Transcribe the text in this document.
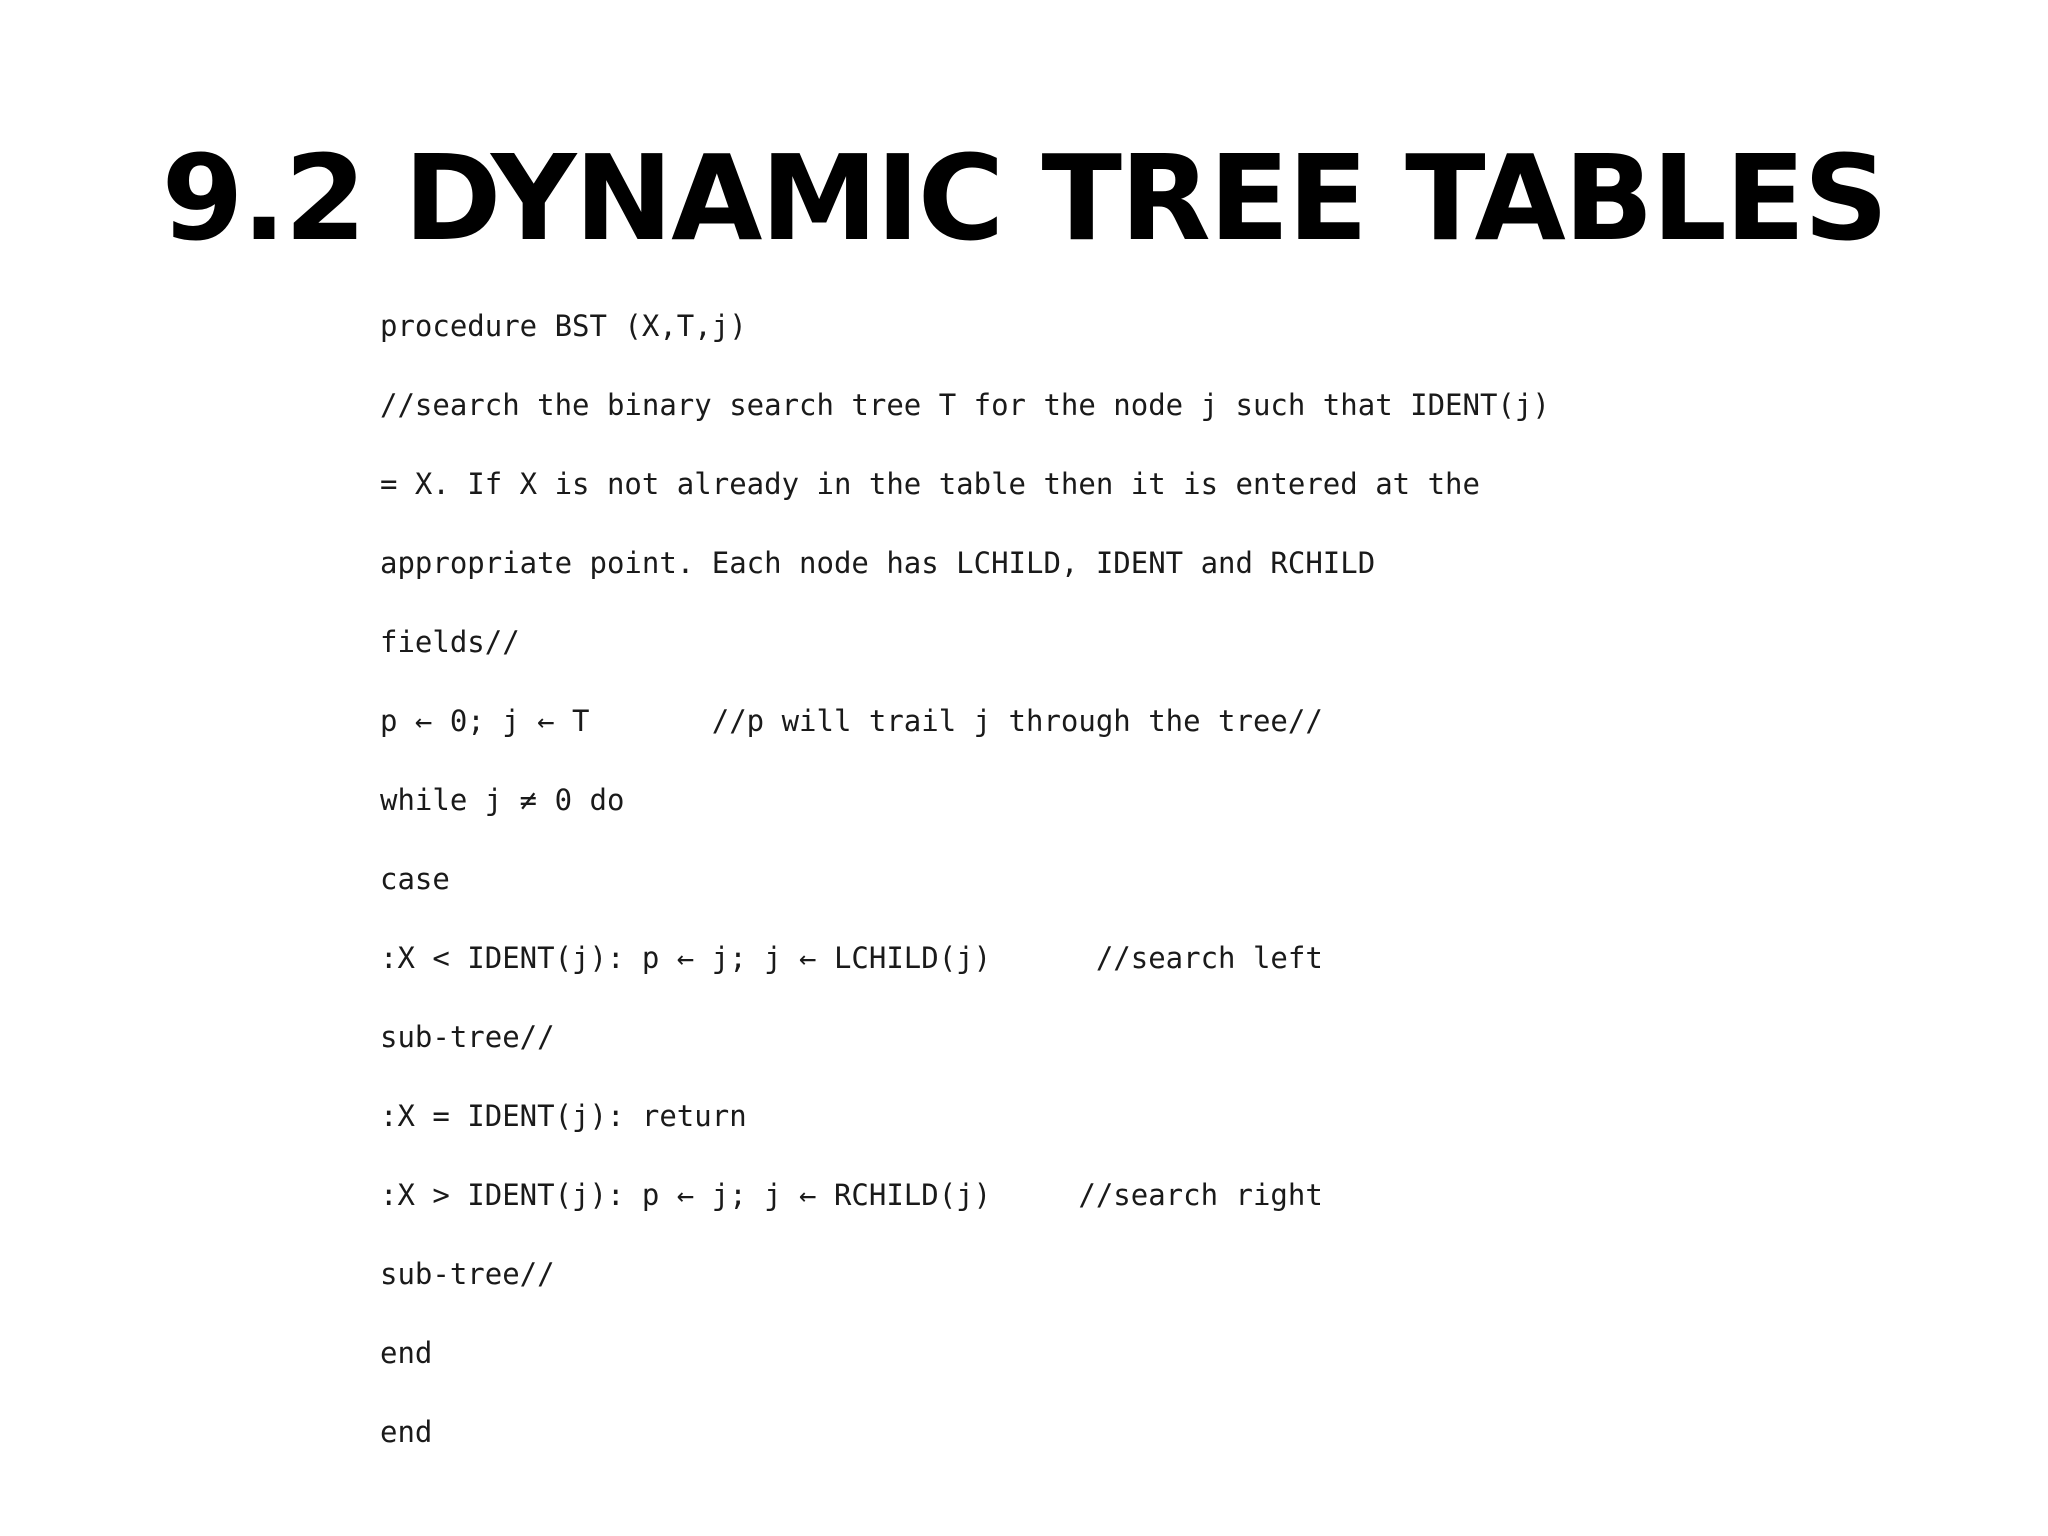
9.2 DYNAMIC TREE TABLES
procedure BST (X,T,j)
//search the binary search tree T for the node j such that IDENT(j)
= X. If X is not already in the table then it is entered at the
appropriate point. Each node has LCHILD, IDENT and RCHILD
fields//
p ← 0; j ← T       //p will trail j through the tree//
while j ≠ 0 do
case
:X < IDENT(j): p ← j; j ← LCHILD(j)      //search left
sub-tree//
:X = IDENT(j): return
:X > IDENT(j): p ← j; j ← RCHILD(j)     //search right
sub-tree//
end
end
